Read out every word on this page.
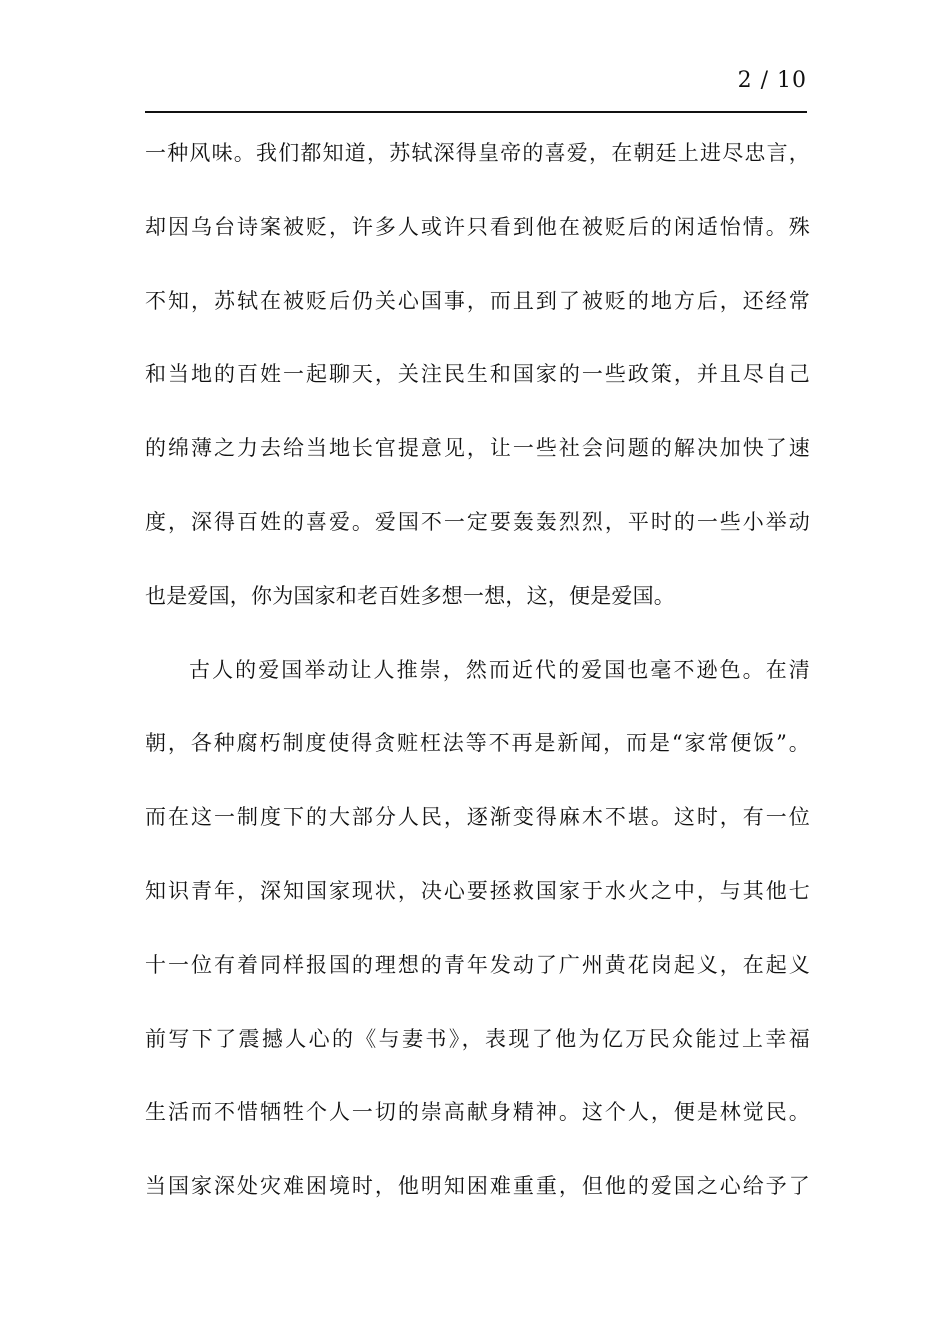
2 / 10
一种风味。我们都知道，苏轼深得皇帝的喜爱，在朝廷上进尽忠言，
却因乌台诗案被贬，许多人或许只看到他在被贬后的闲适怡情。殊
不知，苏轼在被贬后仍关心国事，而且到了被贬的地方后，还经常
和当地的百姓一起聊天，关注民生和国家的一些政策，并且尽自己
的绵薄之力去给当地长官提意见，让一些社会问题的解决加快了速
度，深得百姓的喜爱。爱国不一定要轰轰烈烈，平时的一些小举动
也是爱国，你为国家和老百姓多想一想，这，便是爱国。
古人的爱国举动让人推崇，然而近代的爱国也毫不逊色。在清
朝，各种腐朽制度使得贪赃枉法等不再是新闻，而是“家常便饭”。
而在这一制度下的大部分人民，逐渐变得麻木不堪。这时，有一位
知识青年，深知国家现状，决心要拯救国家于水火之中，与其他七
十一位有着同样报国的理想的青年发动了广州黄花岗起义，在起义
前写下了震撼人心的《与妻书》，表现了他为亿万民众能过上幸福
生活而不惜牺牲个人一切的崇高献身精神。这个人，便是林觉民。
当国家深处灾难困境时，他明知困难重重，但他的爱国之心给予了
